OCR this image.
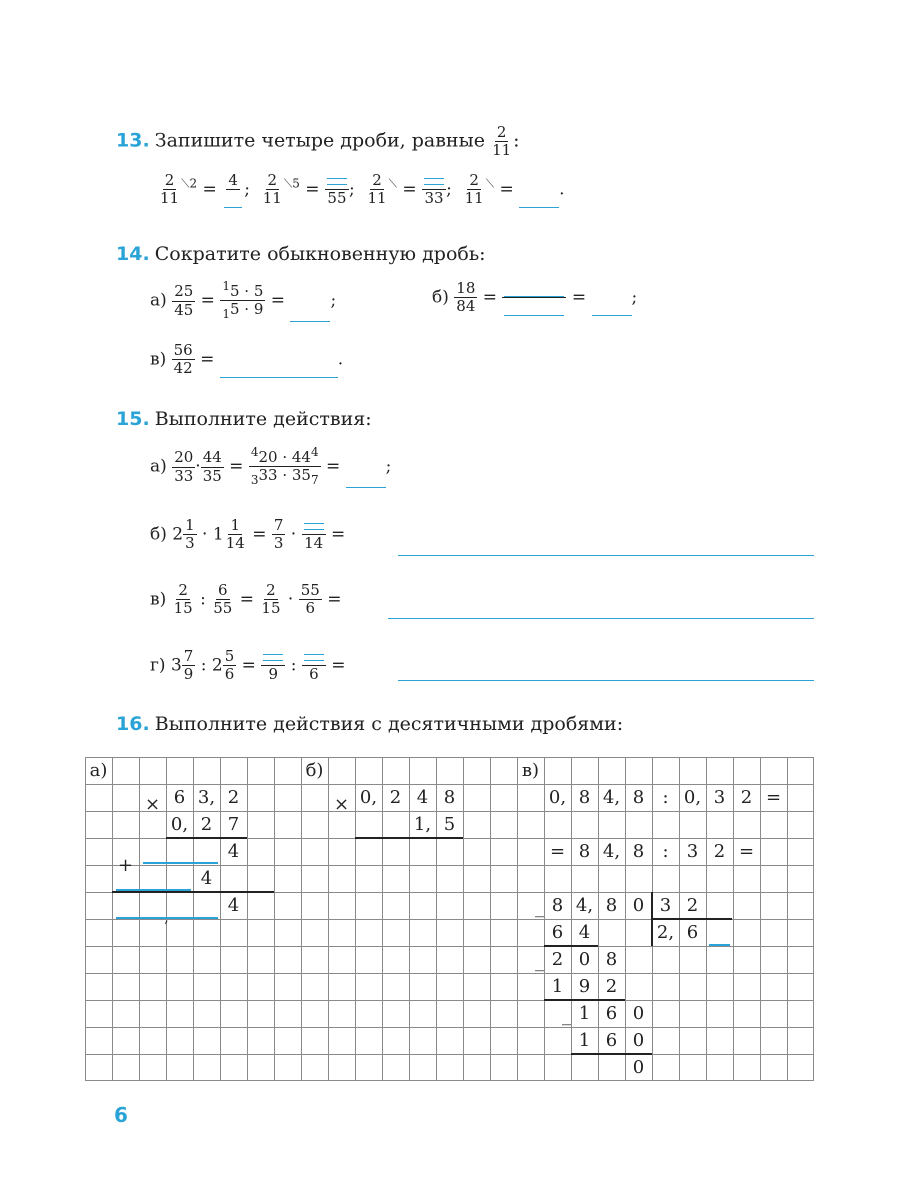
13. Запишите четыре дроби, равные $\frac{2}{11}$ :
$\frac{2}{11} ^{⟍2} = 4$ ; $\frac{2}{11} ^{⟍5} = 55$ ; $\frac{2}{11} ^⟍ = 33$ ; $\frac{2}{11} ^⟍$ = .
14. Сократите обыкновенную дробь:
$а) \frac{25}{45} = \frac{^15 \cdot 5}{_15 \cdot 9}$ = ;	$б) \frac{18}{84}$ =	= ;
$в) \frac{56}{42}$ =	.
15. Выполните действия:
$а) \frac{20}{33} \cdot \frac{44}{35} = \frac{^420 \cdot 44^4}{_333 \cdot 35_7}$ = ;
б) $2 \frac{1}{3} \cdot 1 \frac{1}{14} = \frac{7}{3} \cdot 14$ =
$в) \frac{2}{15}$ : $\frac{6}{55} = \frac{2}{15} \cdot \frac{55}{6}$ =
г) $3 \frac{7}{9}$ : $2 \frac{5}{6} = 9$ : 6 =
16. Выполните действия с десятичными дробями:
а)	б)	в)
× 6 3, 2
0, 2 7
+
4
4
,
4
× 0, 2 4 8
1, 5
0, 8 4, 8	: 0, 3 2 =
= 8 4, 8	:	3 2 =
_ 8 4, 8 0 3 2
6 4	2, 6
_ 2 0 8
1 9 2
_ 1 6 0
1 6 0
0
6
